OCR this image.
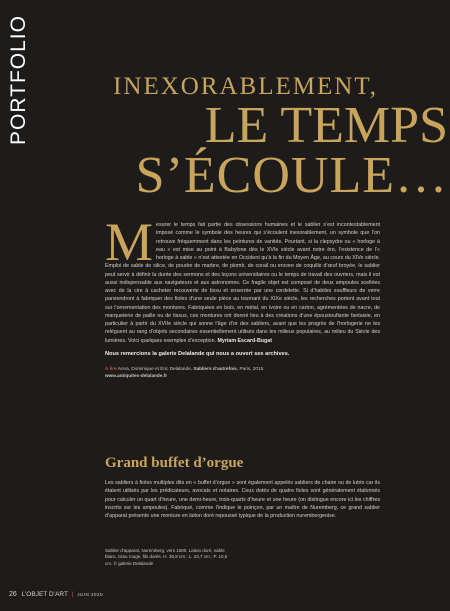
PORTFOLIO	INEXORABLEMENT,
LE TEMPS
S’ÉCOULE…
M esurer le temps fait partie des obsessions humaines et le sablier s’est incontestablement imposé comme le symbole des heures qui s’écoulent inexorablement, un symbole que l’on retrouve fréquemment dans les peintures de vanités. Pourtant, si la clepsydre ou « horloge à eau » est mise au point à Babylone dès le XVIe siècle avant notre ère, l’existence de l’« horloge à sable » n’est attestée en Occident qu’à la fin du Moyen Âge, au cours du XIVe siècle. Emploi de sable de silice, de poudre de marbre, de plomb, de corail ou encore de coquille d’œuf broyée, le sablier peut servir à définir la durée des sermons et des leçons universitaires ou le temps de travail des ouvriers, mais il est aussi indispensable aux navigateurs et aux astronomes. Ce fragile objet est composé de deux ampoules scellées avec de la cire à cacheter recouverte de tissu et enserrée par une cordelette. Si d’habiles souffleurs de verre parviendront à fabriquer des fioles d’une seule pièce au tournant du XIXe siècle, les recherches portent avant tout sur l’ornementation des montures. Fabriquées en bois, en métal, en ivoire ou en carton, agrémentées de nacre, de marqueterie de paille ou de tissus, ces montures ont donné lieu à des créations d’une époustouflante fantaisie, en particulier à partir du XVIIe siècle qui sonne l’âge d’or des sabliers, avant que les progrès de l’horlogerie ne les relèguent au rang d’objets secondaires essentiellement utilisés dans les milieux populaires, au milieu du Siècle des lumières. Voici quelques exemples d’exception. Myriam Escard-Bugat
Nous remercions la galerie Delalande qui nous a ouvert ses archives.
À lire Anna, Dominique et Éric Delalande, Sabliers d’autrefois, Paris, 2015.
www.antiquites-delalande.fr
Grand buffet d’orgue
Les sabliers à fioles multiples dits en « buffet d’orgue » sont également appelés sabliers de chaire ou de lutrin car ils étaient utilisés par les prédicateurs, avocats et notaires. Ceux dotés de quatre fioles sont généralement étalonnés pour calculer un quart d’heure, une demi-heure, trois-quarts d’heure et une heure (on distingue encore ici les chiffres inscrits sur les ampoules). Fabriqué, comme l’indique le poinçon, par un maître de Nuremberg, ce grand sablier d’apparat présente une monture en laiton doré repoussé typique de la production nurembergeoise.
Sablier d’apparat, Nuremberg, vers 1680. Laiton doré, sable blanc, tissu rouge, fils dorés. H. 36,8 cm ; L. 23,7 cm ; P. 10,5 cm. © galerie Delalande
26 L’OBJET D’ART | JUIN 2020
